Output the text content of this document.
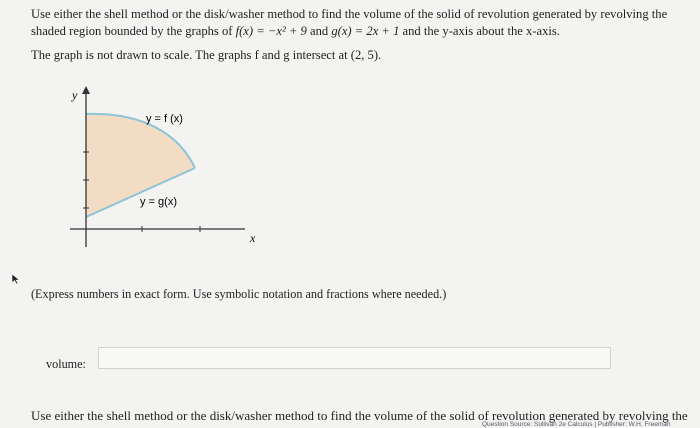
Use either the shell method or the disk/washer method to find the volume of the solid of revolution generated by revolving the

shaded region bounded by the graphs of f(x) = −x² + 9 and g(x) = 2x + 1 and the y-axis about the x-axis.

The graph is not drawn to scale. The graphs f and g intersect at (2, 5).

y
x
y = f (x)
y = g(x)
(Express numbers in exact form. Use symbolic notation and fractions where needed.)
volume:
Use either the shell method or the disk/washer method to find the volume of the solid of revolution generated by revolving the
Question Source: Sullivan 2e Calculus | Publisher: W.H. Freeman
